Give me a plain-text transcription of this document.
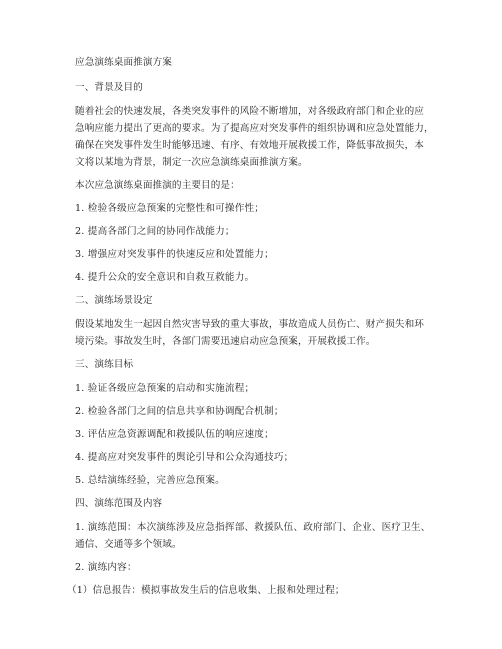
应急演练桌面推演方案
一、背景及目的
随着社会的快速发展，各类突发事件的风险不断增加，对各级政府部门和企业的应
急响应能力提出了更高的要求。为了提高应对突发事件的组织协调和应急处置能力，
确保在突发事件发生时能够迅速、有序、有效地开展救援工作，降低事故损失，本
文将以某地为背景，制定一次应急演练桌面推演方案。
本次应急演练桌面推演的主要目的是：
1. 检验各级应急预案的完整性和可操作性；
2. 提高各部门之间的协同作战能力；
3. 增强应对突发事件的快速反应和处置能力；
4. 提升公众的安全意识和自救互救能力。
二、演练场景设定
假设某地发生一起因自然灾害导致的重大事故，事故造成人员伤亡、财产损失和环
境污染。事故发生时，各部门需要迅速启动应急预案，开展救援工作。
三、演练目标
1. 验证各级应急预案的启动和实施流程；
2. 检验各部门之间的信息共享和协调配合机制；
3. 评估应急资源调配和救援队伍的响应速度；
4. 提高应对突发事件的舆论引导和公众沟通技巧；
5. 总结演练经验，完善应急预案。
四、演练范围及内容
1. 演练范围：本次演练涉及应急指挥部、救援队伍、政府部门、企业、医疗卫生、
通信、交通等多个领域。
2. 演练内容：
（1）信息报告：模拟事故发生后的信息收集、上报和处理过程；
